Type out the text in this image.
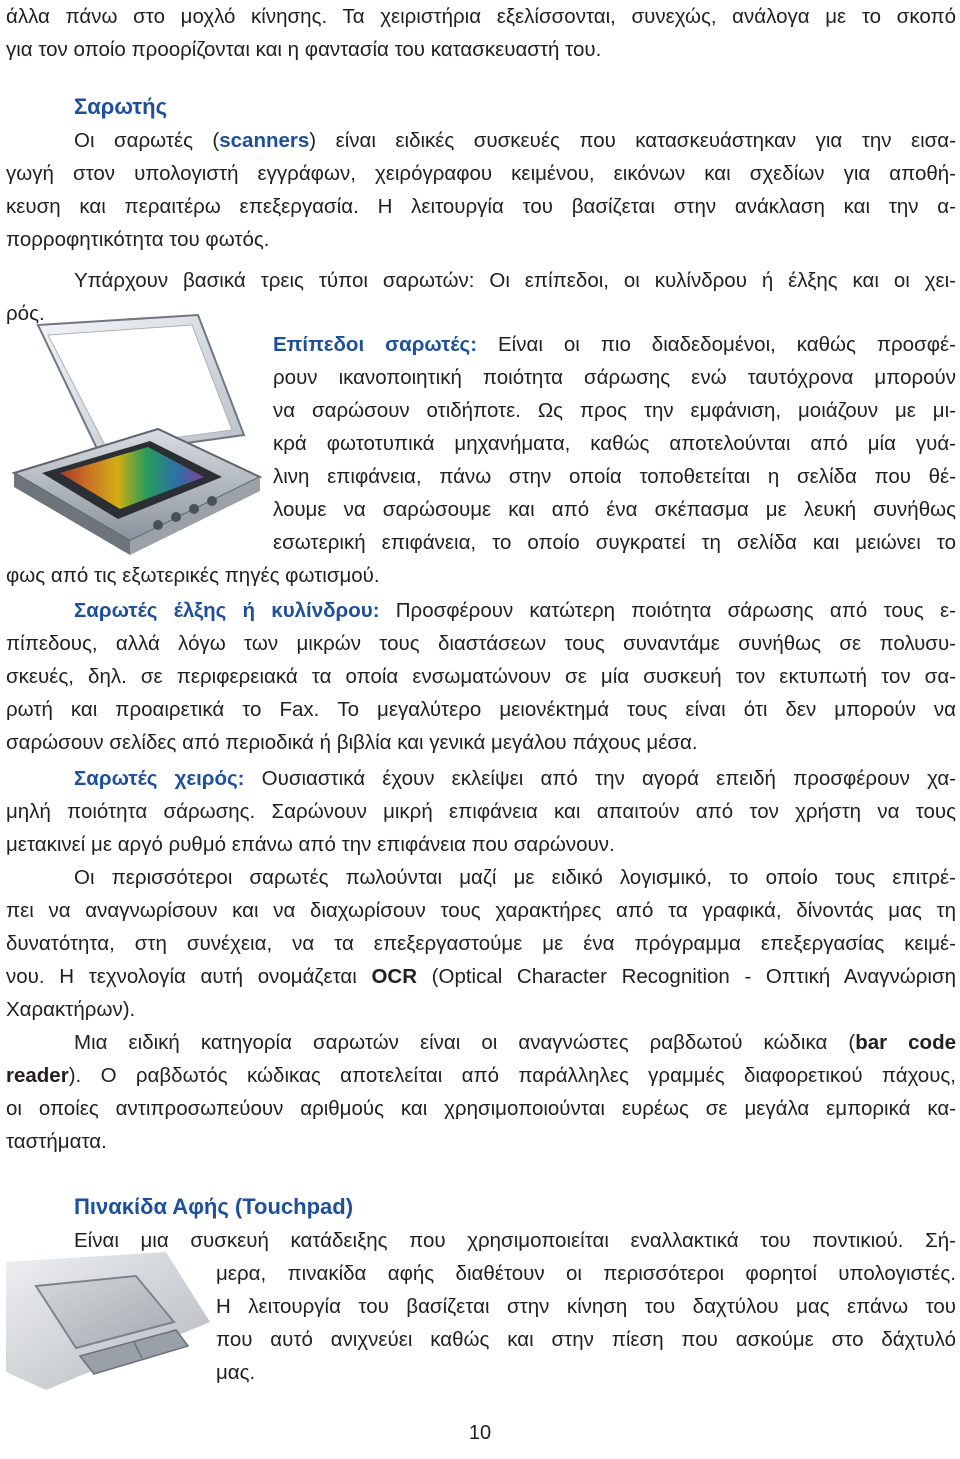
άλλα πάνω στο μοχλό κίνησης. Τα χειριστήρια εξελίσσονται, συνεχώς, ανάλογα με το σκοπό
για τον οποίο προορίζονται και η φαντασία του κατασκευαστή του.
Σαρωτής
Οι σαρωτές (scanners) είναι ειδικές συσκευές που κατασκευάστηκαν για την εισα-
γωγή στον υπολογιστή εγγράφων, χειρόγραφου κειμένου, εικόνων και σχεδίων για αποθή-
κευση και περαιτέρω επεξεργασία. Η λειτουργία του βασίζεται στην ανάκλαση και την α-
πορροφητικότητα του φωτός.
Υπάρχουν βασικά τρεις τύποι σαρωτών: Οι επίπεδοι, οι κυλίνδρου ή έλξης και οι χει-
ρός.
Επίπεδοι σαρωτές: Είναι οι πιο διαδεδομένοι, καθώς προσφέ-
ρουν ικανοποιητική ποιότητα σάρωσης ενώ ταυτόχρονα μπορούν
να σαρώσουν οτιδήποτε. Ως προς την εμφάνιση, μοιάζουν με μι-
κρά φωτοτυπικά μηχανήματα, καθώς αποτελούνται από μία γυά-
λινη επιφάνεια, πάνω στην οποία τοποθετείται η σελίδα που θέ-
λουμε να σαρώσουμε και από ένα σκέπασμα με λευκή συνήθως
εσωτερική επιφάνεια, το οποίο συγκρατεί τη σελίδα και μειώνει το
φως από τις εξωτερικές πηγές φωτισμού.
Σαρωτές έλξης ή κυλίνδρου: Προσφέρουν κατώτερη ποιότητα σάρωσης από τους ε-
πίπεδους, αλλά λόγω των μικρών τους διαστάσεων τους συναντάμε συνήθως σε πολυσυ-
σκευές, δηλ. σε περιφερειακά τα οποία ενσωματώνουν σε μία συσκευή τον εκτυπωτή τον σα-
ρωτή και προαιρετικά το Fax. Το μεγαλύτερο μειονέκτημά τους είναι ότι δεν μπορούν να
σαρώσουν σελίδες από περιοδικά ή βιβλία και γενικά μεγάλου πάχους μέσα.
Σαρωτές χειρός: Ουσιαστικά έχουν εκλείψει από την αγορά επειδή προσφέρουν χα-
μηλή ποιότητα σάρωσης. Σαρώνουν μικρή επιφάνεια και απαιτούν από τον χρήστη να τους
μετακινεί με αργό ρυθμό επάνω από την επιφάνεια που σαρώνουν.
Οι περισσότεροι σαρωτές πωλούνται μαζί με ειδικό λογισμικό, το οποίο τους επιτρέ-
πει να αναγνωρίσουν και να διαχωρίσουν τους χαρακτήρες από τα γραφικά, δίνοντάς μας τη
δυνατότητα, στη συνέχεια, να τα επεξεργαστούμε με ένα πρόγραμμα επεξεργασίας κειμέ-
νου. Η τεχνολογία αυτή ονομάζεται OCR (Optical Character Recognition - Οπτική Αναγνώριση
Χαρακτήρων).
Μια ειδική κατηγορία σαρωτών είναι οι αναγνώστες ραβδωτού κώδικα (bar code
reader). Ο ραβδωτός κώδικας αποτελείται από παράλληλες γραμμές διαφορετικού πάχους,
οι οποίες αντιπροσωπεύουν αριθμούς και χρησιμοποιούνται ευρέως σε μεγάλα εμπορικά κα-
ταστήματα.
Πινακίδα Αφής (Touchpad)
Είναι μια συσκευή κατάδειξης που χρησιμοποιείται εναλλακτικά του ποντικιού. Σή-
μερα, πινακίδα αφής διαθέτουν οι περισσότεροι φορητοί υπολογιστές.
Η λειτουργία του βασίζεται στην κίνηση του δαχτύλου μας επάνω του
που αυτό ανιχνεύει καθώς και στην πίεση που ασκούμε στο δάχτυλό
μας.
10
